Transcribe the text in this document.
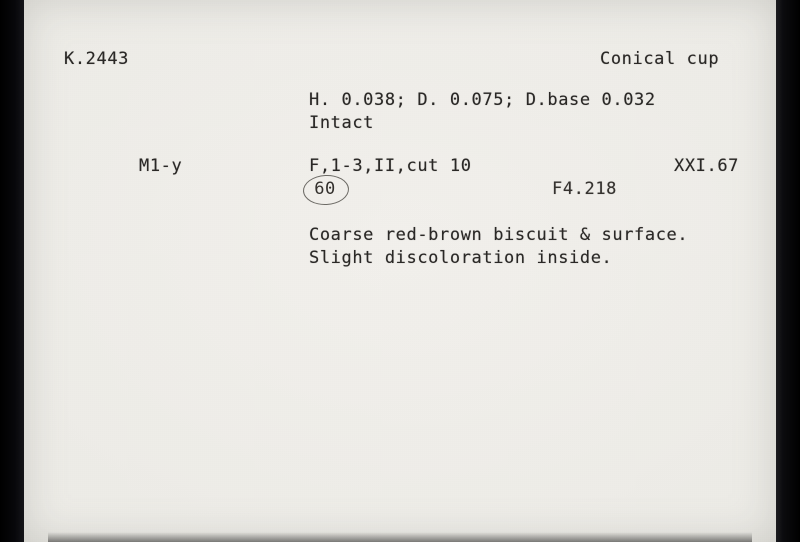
K.2443	Conical cup
H. 0.038; D. 0.075; D.base 0.032
Intact
M1-y	F,1-3,II,cut 10	XXI.67
60	F4.218
Coarse red-brown biscuit & surface.
Slight discoloration inside.
